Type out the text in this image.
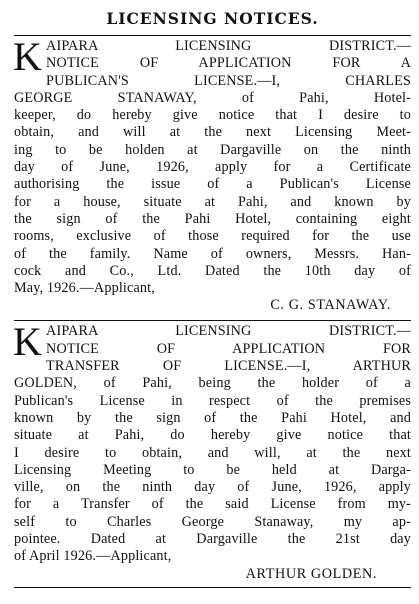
LICENSING NOTICES.
K AIPARA LICENSING DISTRICT.—
NOTICE OF APPLICATION FOR A
PUBLICAN'S LICENSE.—I, CHARLES
GEORGE STANAWAY, of Pahi, Hotel-
keeper, do hereby give notice that I desire to
obtain, and will at the next Licensing Meet-
ing to be holden at Dargaville on the ninth
day of June, 1926, apply for a Certificate
authorising the issue of a Publican's License
for a house, situate at Pahi, and known by
the sign of the Pahi Hotel, containing eight
rooms, exclusive of those required for the use
of the family. Name of owners, Messrs. Han-
cock and Co., Ltd. Dated the 10th day of
May, 1926.—Applicant,
C. G. STANAWAY.
K AIPARA LICENSING DISTRICT.—
NOTICE OF APPLICATION FOR
TRANSFER OF LICENSE.—I, ARTHUR
GOLDEN, of Pahi, being the holder of a
Publican's License in respect of the premises
known by the sign of the Pahi Hotel, and
situate at Pahi, do hereby give notice that
I desire to obtain, and will, at the next
Licensing Meeting to be held at Darga-
ville, on the ninth day of June, 1926, apply
for a Transfer of the said License from my-
self to Charles George Stanaway, my ap-
pointee. Dated at Dargaville the 21st day
of April 1926.—Applicant,
ARTHUR GOLDEN.
